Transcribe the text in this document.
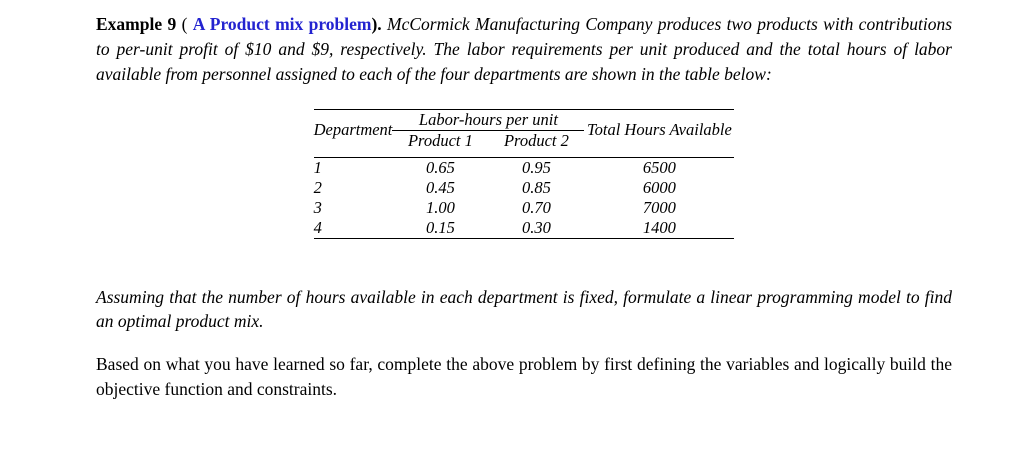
Example 9 ( A Product mix problem). McCormick Manufacturing Company produces two products with contributions to per-unit profit of $10 and $9, respectively. The labor requirements per unit produced and the total hours of labor available from personnel assigned to each of the four departments are shown in the table below:

Department	Labor-hours per unit		Total Hours Available
	Product 1	Product 2	

1	0.65	0.95	6500
2	0.45	0.85	6000
3	1.00	0.70	7000
4	0.15	0.30	1400

Assuming that the number of hours available in each department is fixed, formulate a linear programming model to find an optimal product mix.

Based on what you have learned so far, complete the above problem by first defining the variables and logically build the objective function and constraints.
